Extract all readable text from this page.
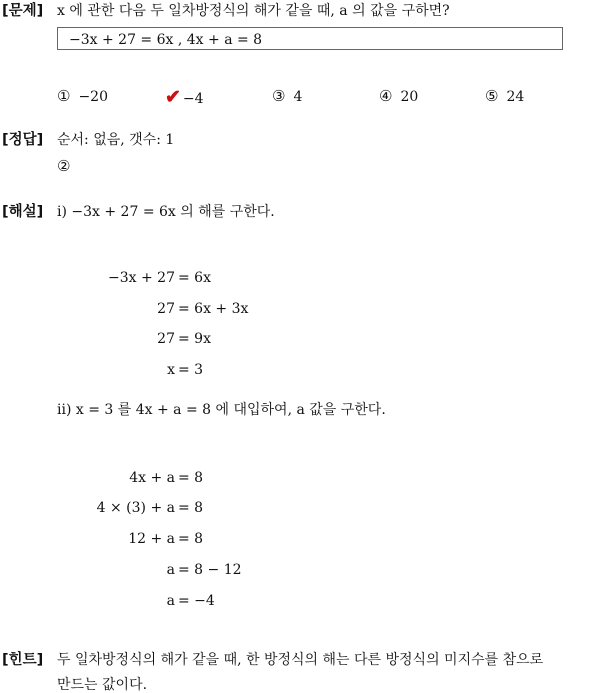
[문제] x 에 관한 다음 두 일차방정식의 해가 같을 때, a 의 값을 구하면?
−3x + 27 = 6x , 4x + a = 8
① −20	✔ −4	③ 4	④ 20	⑤ 24
[정답] 순서: 없음, 갯수: 1
②
[해설] i) −3x + 27 = 6x 의 해를 구한다.
−3x + 27 = 6x
27 = 6x + 3x
27 = 9x
x = 3
ii) x = 3 를 4x + a = 8 에 대입하여, a 값을 구한다.
4x + a = 8
4 × (3) + a = 8
12 + a = 8
a = 8 − 12
a = −4
[힌트] 두 일차방정식의 해가 같을 때, 한 방정식의 해는 다른 방정식의 미지수를 참으로
만드는 값이다.
